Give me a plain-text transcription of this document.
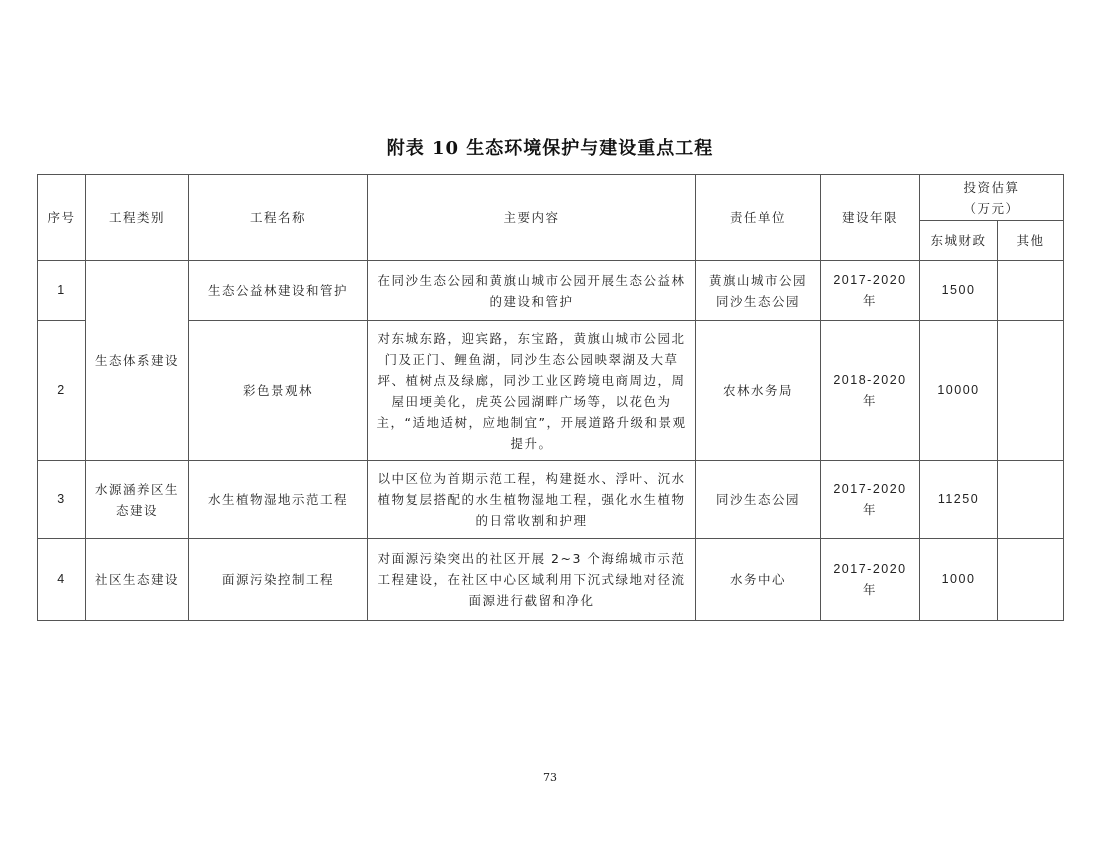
附表 10 生态环境保护与建设重点工程
序号	工程类别	工程名称	主要内容	责任单位	建设年限	投资估算
（万元）	

						东城财政	其他
1	生态体系建设	生态公益林建设和管护	在同沙生态公园和黄旗山城市公园开展生态公益林的建设和管护	黄旗山城市公园同沙生态公园	2017-2020 年	1500	
2		彩色景观林	对东城东路，迎宾路，东宝路，黄旗山城市公园北门及正门、鲤鱼湖，同沙生态公园映翠湖及大草坪、植树点及绿廊，同沙工业区跨境电商周边，周屋田埂美化，虎英公园湖畔广场等，以花色为主，“适地适树，应地制宜”，开展道路升级和景观提升。	农林水务局	2018-2020 年	10000	
3	水源涵养区生态建设	水生植物湿地示范工程	以中区位为首期示范工程，构建挺水、浮叶、沉水植物复层搭配的水生植物湿地工程，强化水生植物的日常收割和护理	同沙生态公园	2017-2020 年	11250	
4	社区生态建设	面源污染控制工程	对面源污染突出的社区开展 2~3 个海绵城市示范工程建设，在社区中心区域利用下沉式绿地对径流面源进行截留和净化	水务中心	2017-2020 年	1000	
73
